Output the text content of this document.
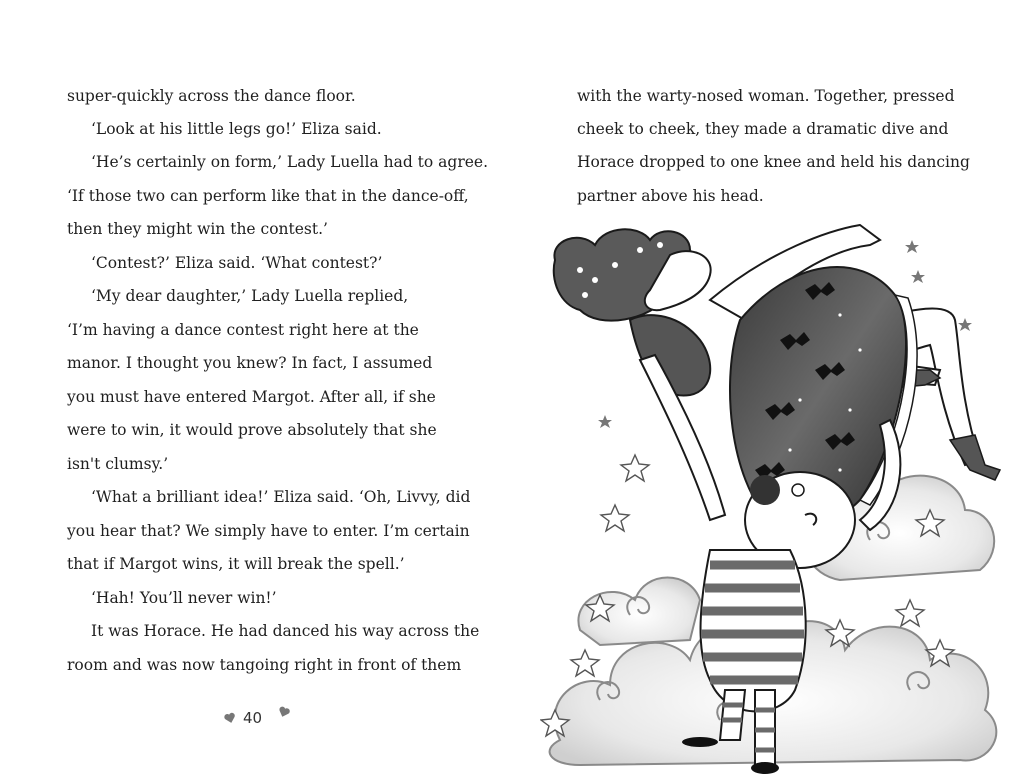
super-quickly across the dance floor.
‘Look at his little legs go!’ Eliza said.
‘He’s certainly on form,’ Lady Luella had to agree.
‘If those two can perform like that in the dance-off,
then they might win the contest.’
‘Contest?’ Eliza said. ‘What contest?’
‘My dear daughter,’ Lady Luella replied,
‘I’m having a dance contest right here at the
manor. I thought you knew? In fact, I assumed
you must have entered Margot. After all, if she
were to win, it would prove absolutely that she
isn't clumsy.’
‘What a brilliant idea!’ Eliza said. ‘Oh, Livvy, did
you hear that? We simply have to enter. I’m certain
that if Margot wins, it will break the spell.’
‘Hah! You’ll never win!’
It was Horace. He had danced his way across the
room and was now tangoing right in front of them
40
with the warty-nosed woman. Together, pressed
cheek to cheek, they made a dramatic dive and
Horace dropped to one knee and held his dancing
partner above his head.
